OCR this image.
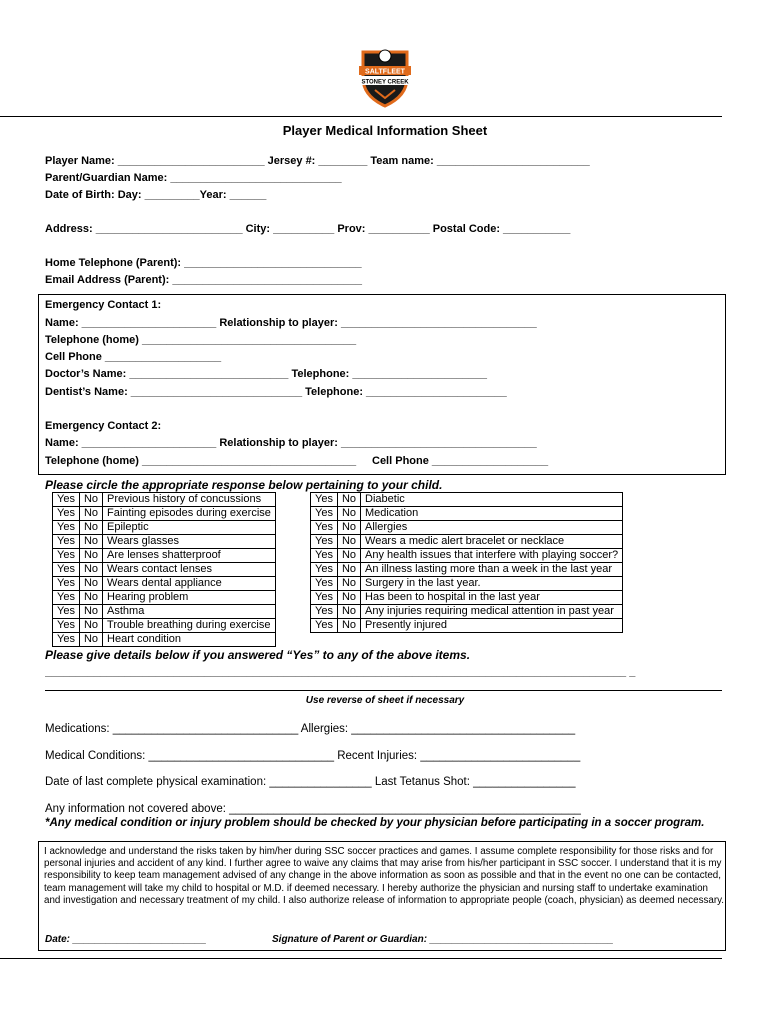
SALTFLEET
STONEY CREEK
Player Medical Information Sheet
Player Name: ________________________ Jersey #: ________ Team name: _________________________
Parent/Guardian Name: ____________________________
Date of Birth: Day: _________Year: ______
Address: ________________________ City: __________ Prov: __________ Postal Code: ___________
Home Telephone (Parent): _____________________________
Email Address (Parent): _______________________________
Emergency Contact 1:
Name: ______________________ Relationship to player: ________________________________
Telephone (home) ___________________________________
Cell Phone ___________________
Doctor’s Name: __________________________ Telephone: ______________________
Dentist’s Name: ____________________________ Telephone: _______________________
Emergency Contact 2:
Name: ______________________ Relationship to player: ________________________________
Telephone (home) ___________________________________ Cell Phone ___________________
Please circle the appropriate response below pertaining to your child.
Yes	No	Previous history of concussions
Yes	No	Fainting episodes during exercise
Yes	No	Epileptic
Yes	No	Wears glasses
Yes	No	Are lenses shatterproof
Yes	No	Wears contact lenses
Yes	No	Wears dental appliance
Yes	No	Hearing problem
Yes	No	Asthma
Yes	No	Trouble breathing during exercise
Yes	No	Heart condition
Yes	No	Diabetic
Yes	No	Medication
Yes	No	Allergies
Yes	No	Wears a medic alert bracelet or necklace
Yes	No	Any health issues that interfere with playing soccer?
Yes	No	An illness lasting more than a week in the last year
Yes	No	Surgery in the last year.
Yes	No	Has been to hospital in the last year
Yes	No	Any injuries requiring medical attention in past year
Yes	No	Presently injured
Please give details below if you answered “Yes” to any of the above items.
_______________________________________________________________________________________________ _
Use reverse of sheet if necessary
Medications: _____________________________ Allergies: ___________________________________
Medical Conditions: _____________________________ Recent Injuries: _________________________
Date of last complete physical examination: ________________ Last Tetanus Shot: ________________
Any information not covered above: _______________________________________________________
*Any medical condition or injury problem should be checked by your physician before participating in a soccer program.
I acknowledge and understand the risks taken by him/her during SSC soccer practices and games. I assume complete responsibility for those risks and for personal injuries and accident of any kind. I further agree to waive any claims that may arise from his/her participant in SSC soccer. I understand that it is my responsibility to keep team management advised of any change in the above information as soon as possible and that in the event no one can be contacted, team management will take my child to hospital or M.D. if deemed necessary. I hereby authorize the physician and nursing staff to undertake examination and investigation and necessary treatment of my child. I also authorize release of information to appropriate people (coach, physician) as deemed necessary.
Date: ________________________	Signature of Parent or Guardian: _________________________________
